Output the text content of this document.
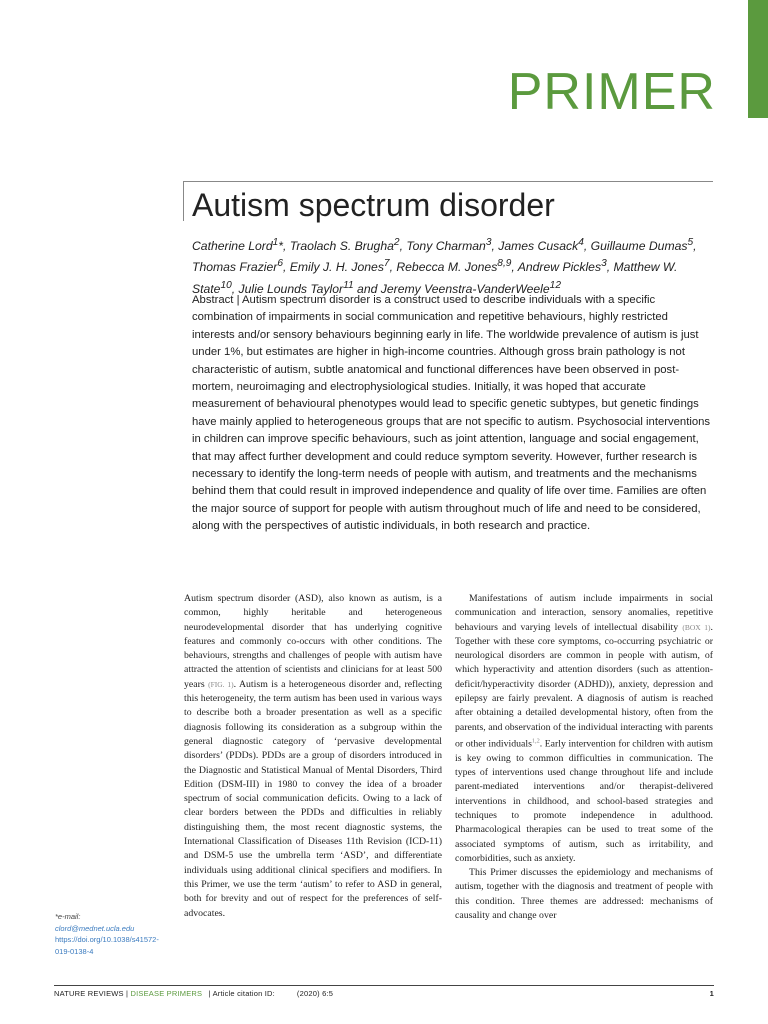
PRIMER
Autism spectrum disorder
Catherine Lord$^1$*, Traolach S. Brugha$^2$, Tony Charman$^3$, James Cusack$^4$, Guillaume Dumas$^5$, Thomas Frazier$^6$, Emily J. H. Jones$^7$, Rebecca M. Jones$^{8,9}$, Andrew Pickles$^3$, Matthew W. State$^{10}$, Julie Lounds Taylor$^{11}$ and Jeremy Veenstra-VanderWeele$^{12}$
Abstract | Autism spectrum disorder is a construct used to describe individuals with a specific combination of impairments in social communication and repetitive behaviours, highly restricted interests and/or sensory behaviours beginning early in life. The worldwide prevalence of autism is just under 1%, but estimates are higher in high-income countries. Although gross brain pathology is not characteristic of autism, subtle anatomical and functional differences have been observed in post-mortem, neuroimaging and electrophysiological studies. Initially, it was hoped that accurate measurement of behavioural phenotypes would lead to specific genetic subtypes, but genetic findings have mainly applied to heterogeneous groups that are not specific to autism. Psychosocial interventions in children can improve specific behaviours, such as joint attention, language and social engagement, that may affect further development and could reduce symptom severity. However, further research is necessary to identify the long-term needs of people with autism, and treatments and the mechanisms behind them that could result in improved independence and quality of life over time. Families are often the major source of support for people with autism throughout much of life and need to be considered, along with the perspectives of autistic individuals, in both research and practice.

Autism spectrum disorder (ASD), also known as autism, is a common, highly heritable and heterogeneous neurodevelopmental disorder that has underlying cognitive features and commonly co-occurs with other conditions. The behaviours, strengths and challenges of people with autism have attracted the attention of scientists and clinicians for at least 500 years (FIG. 1). Autism is a heterogeneous disorder and, reflecting this heterogeneity, the term autism has been used in various ways to describe both a broader presentation as well as a specific diagnosis following its consideration as a subgroup within the general diagnostic category of ‘pervasive developmental disorders’ (PDDs). PDDs are a group of disorders introduced in the Diagnostic and Statistical Manual of Mental Disorders, Third Edition (DSM-III) in 1980 to convey the idea of a broader spectrum of social communication deficits. Owing to a lack of clear borders between the PDDs and difficulties in reliably distinguishing them, the most recent diagnostic systems, the International Classification of Diseases 11th Revision (ICD-11) and DSM-5 use the umbrella term ‘ASD’, and differentiate individuals using additional clinical specifiers and modifiers. In this Primer, we use the term ‘autism’ to refer to ASD in general, both for brevity and out of respect for the preferences of self-advocates.

Manifestations of autism include impairments in social communication and interaction, sensory anomalies, repetitive behaviours and varying levels of intellectual disability (BOX 1). Together with these core symptoms, co-occurring psychiatric or neurological disorders are common in people with autism, of which hyperactivity and attention disorders (such as attention-deficit/hyperactivity disorder (ADHD)), anxiety, depression and epilepsy are fairly prevalent. A diagnosis of autism is reached after obtaining a detailed developmental history, often from the parents, and observation of the individual interacting with parents or other individuals$^{1,2}$. Early intervention for children with autism is key owing to common difficulties in communication. The types of interventions used change throughout life and include parent-mediated interventions and/or therapist-delivered interventions in childhood, and school-based strategies and techniques to promote independence in adulthood. Pharmacological therapies can be used to treat some of the associated symptoms of autism, such as irritability, and comorbidities, such as anxiety.

This Primer discusses the epidemiology and mechanisms of autism, together with the diagnosis and treatment of people with this condition. Three themes are addressed: mechanisms of causality and change over

*e-mail: clord@mednet.ucla.edu
https://doi.org/10.1038/s41572-019-0138-4
NATURE REVIEWS | DISEASE PRIMERS | Article citation ID:	(2020) 6:5	1
